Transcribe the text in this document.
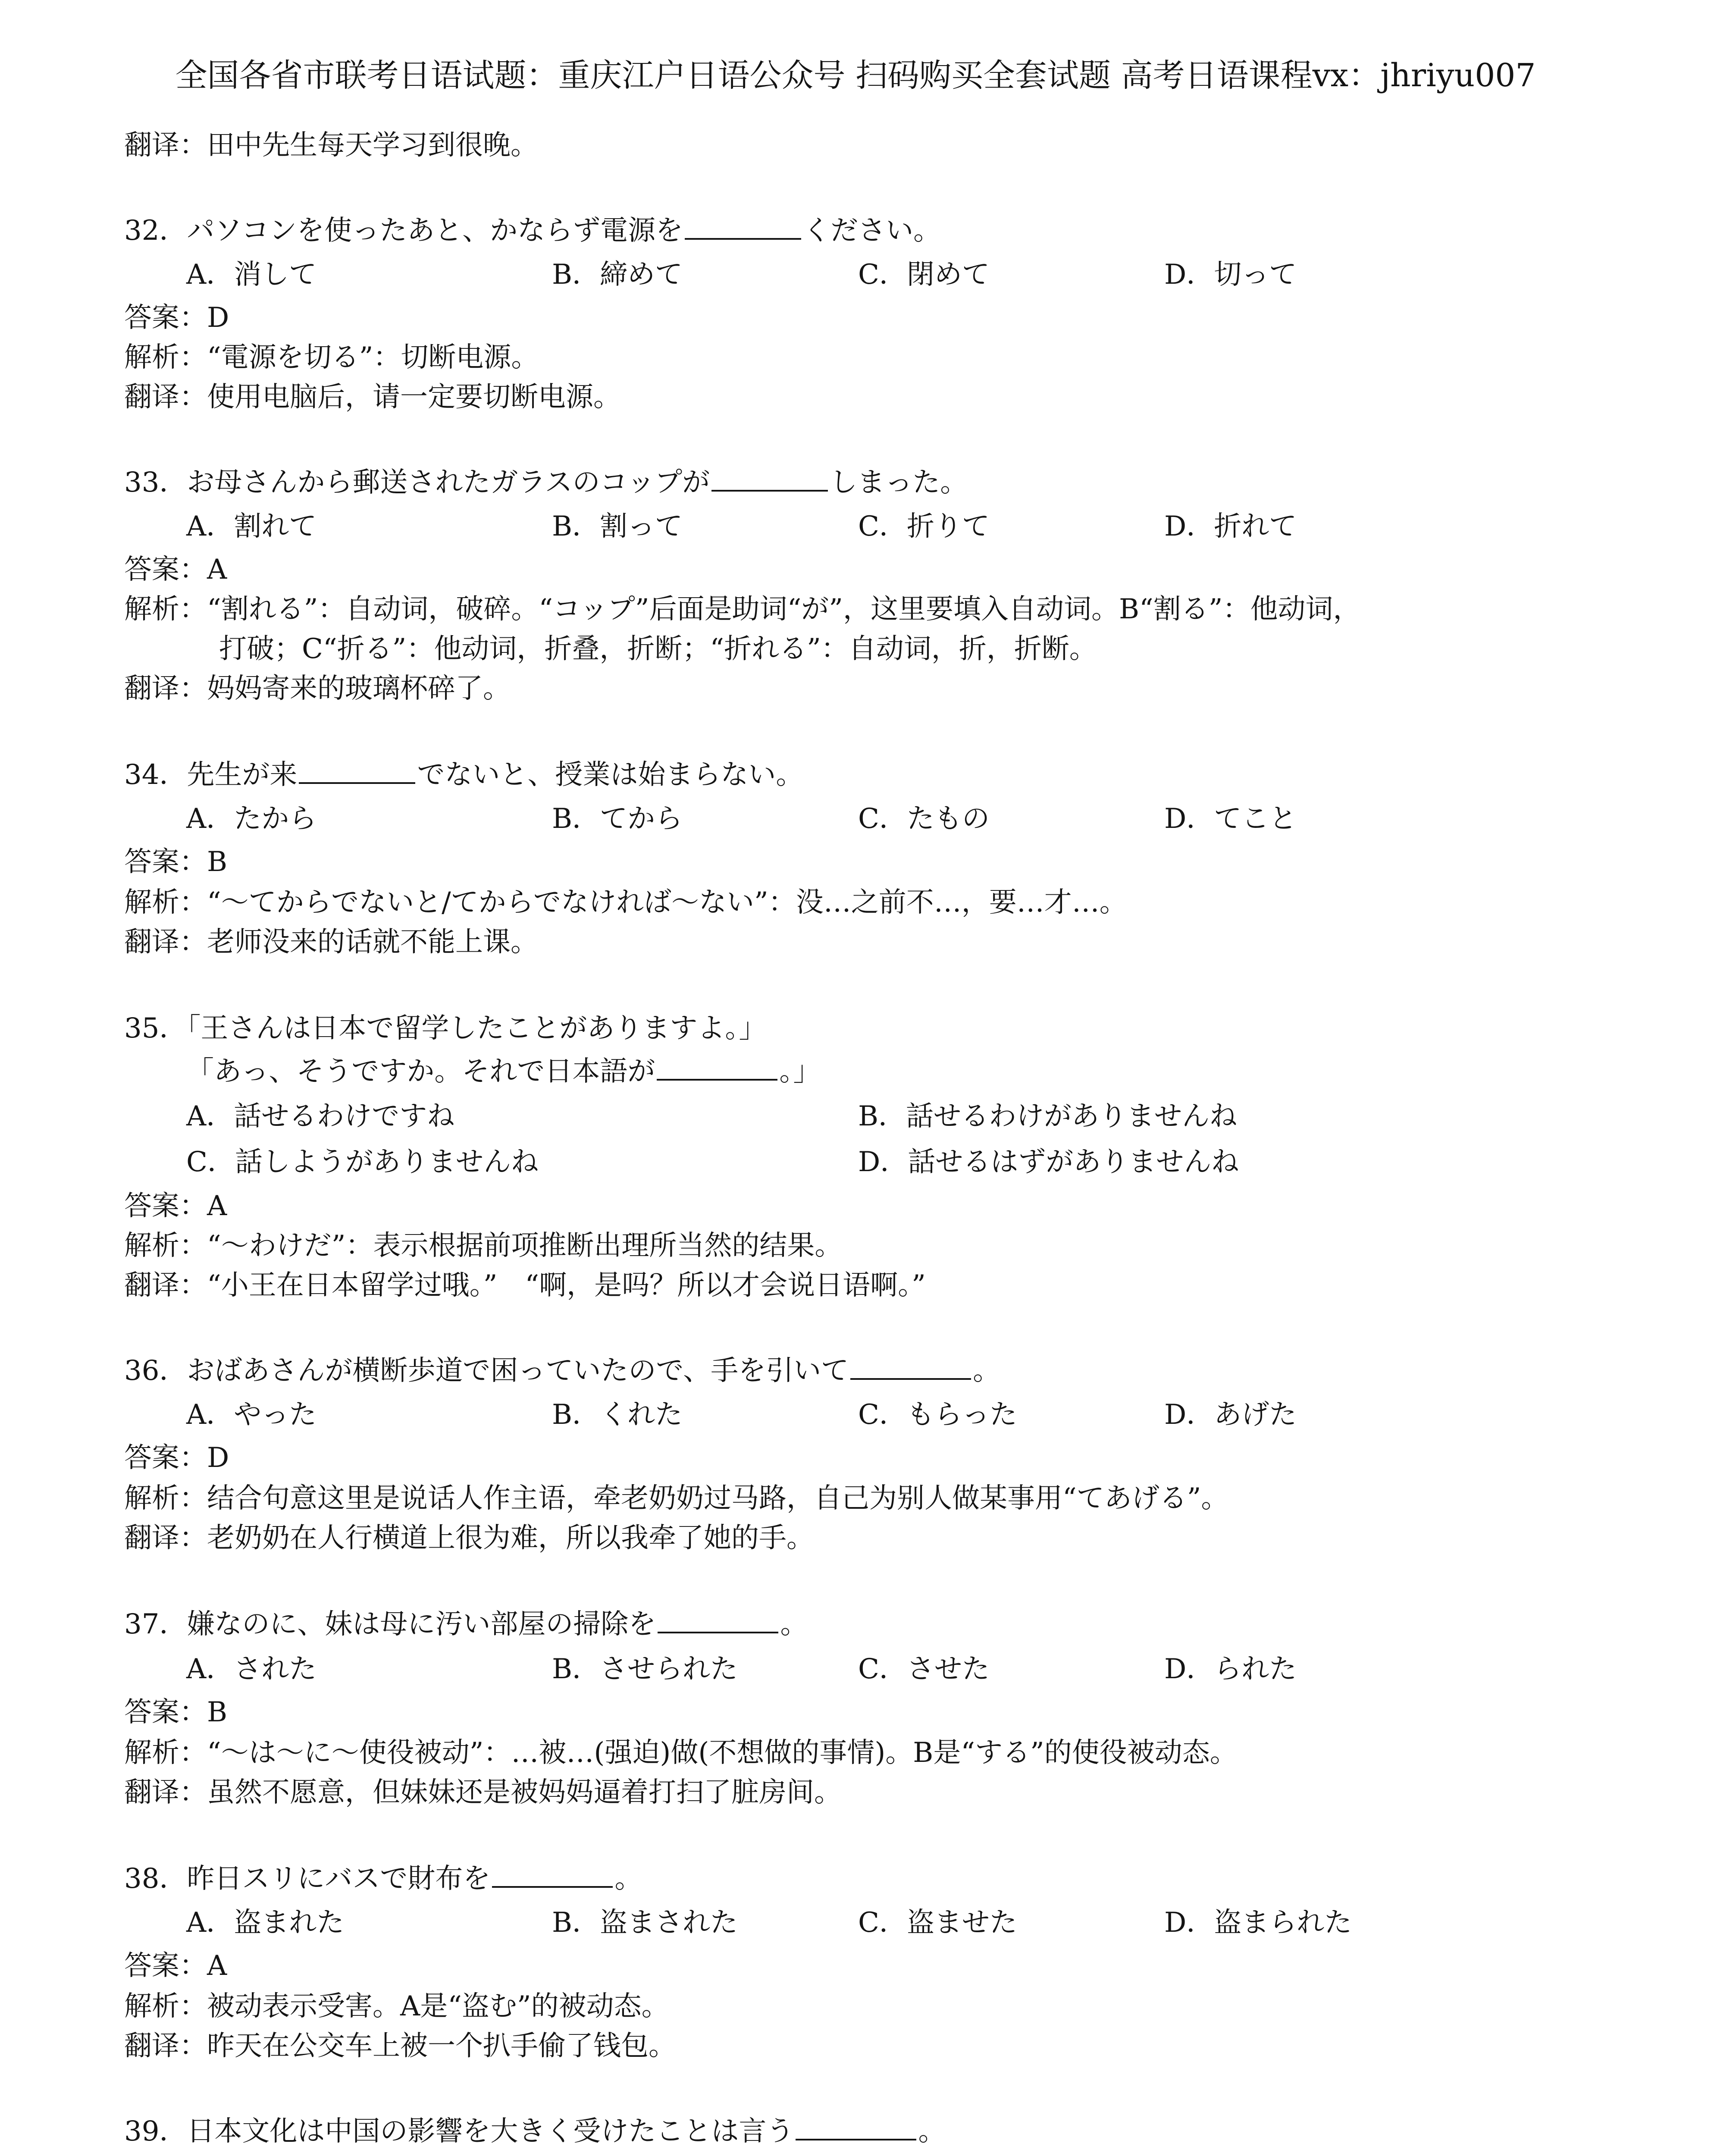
全国各省市联考日语试题：重庆江户日语公众号 扫码购买全套试题 高考日语课程vx：jhriyu007
翻译：田中先生每天学习到很晚。
32．パソコンを使ったあと、かならず電源を	ください。
A．消して	B．締めて	C．閉めて	D．切って
答案：D
解析：“電源を切る”：切断电源。
翻译：使用电脑后，请一定要切断电源。
33．お母さんから郵送されたガラスのコップが	しまった。
A．割れて	B．割って	C．折りて	D．折れて
答案：A
解析：“割れる”：自动词，破碎。“コップ”后面是助词“が”，这里要填入自动词。B“割る”：他动词，
打破；C“折る”：他动词，折叠，折断；“折れる”：自动词，折，折断。
翻译：妈妈寄来的玻璃杯碎了。
34．先生が来	でないと、授業は始まらない。
A．たから	B．てから	C．たもの	D．てこと
答案：B
解析：“～てからでないと/てからでなければ～ない”：没…之前不…，要…才…。
翻译：老师没来的话就不能上课。
35．「王さんは日本で留学したことがありますよ。」
「あっ、そうですか。それで日本語が	。」
A．話せるわけですね	B．話せるわけがありませんね
C．話しようがありませんね	D．話せるはずがありませんね
答案：A
解析：“～わけだ”：表示根据前项推断出理所当然的结果。
翻译：“小王在日本留学过哦。”　“啊，是吗？所以才会说日语啊。”
36．おばあさんが横断歩道で困っていたので、手を引いて	。
A．やった	B．くれた	C．もらった	D．あげた
答案：D
解析：结合句意这里是说话人作主语，牵老奶奶过马路，自己为别人做某事用“てあげる”。
翻译：老奶奶在人行横道上很为难，所以我牵了她的手。
37．嫌なのに、妹は母に汚い部屋の掃除を	。
A．された	B．させられた	C．させた	D．られた
答案：B
解析：“～は～に～使役被动”：…被…(强迫)做(不想做的事情)。B是“する”的使役被动态。
翻译：虽然不愿意，但妹妹还是被妈妈逼着打扫了脏房间。
38．昨日スリにバスで財布を	。
A．盗まれた	B．盗まされた	C．盗ませた	D．盗まられた
答案：A
解析：被动表示受害。A是“盗む”的被动态。
翻译：昨天在公交车上被一个扒手偷了钱包。
39．日本文化は中国の影響を大きく受けたことは言う	。
